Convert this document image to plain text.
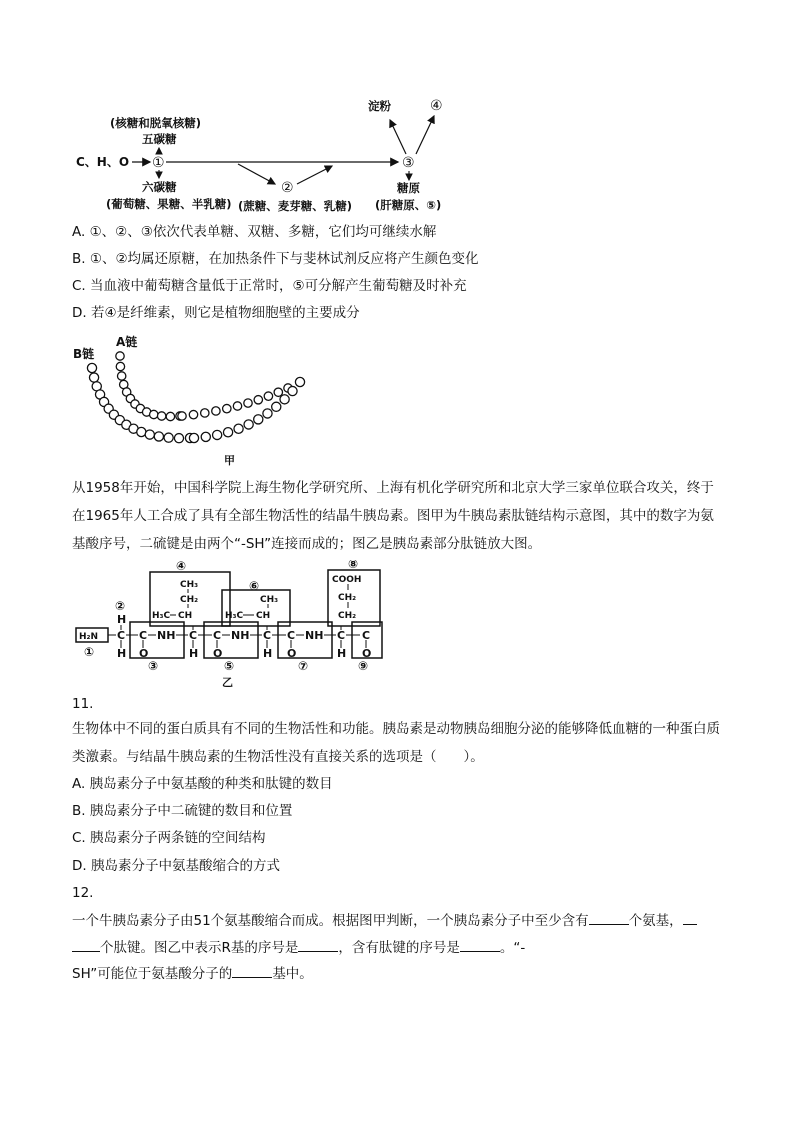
C、H、O ①	③
(核糖和脱氧核糖)
五碳糖
六碳糖
(葡萄糖、果糖、半乳糖)
②
(蔗糖、麦芽糖、乳糖)
淀粉	④
糖原
(肝糖原、⑤)
A. ①、②、③依次代表单糖、双糖、多糖，它们均可继续水解
B. ①、②均属还原糖，在加热条件下与斐林试剂反应将产生颜色变化
C. 当血液中葡萄糖含量低于正常时，⑤可分解产生葡萄糖及时补充
D. 若④是纤维素，则它是植物细胞壁的主要成分
B链
A链
甲
从1958年开始，中国科学院上海生物化学研究所、上海有机化学研究所和北京大学三家单位联合攻关，终于在1965年人工合成了具有全部生物活性的结晶牛胰岛素。图甲为牛胰岛素肽链结构示意图，其中的数字为氨基酸序号，二硫键是由两个“-SH”连接而成的；图乙是胰岛素部分肽链放大图。
H₂N C
H
H
C
O
NH C
H
C
O
NH C
H
C
O
NH C
H
C
O
CH₃
CH₂
H₃C CH
CH₃
H₃C CH
COOH
CH₂
CH₂
①
②
③
④
⑤
⑥
⑦
⑧
⑨
乙
11.
生物体中不同的蛋白质具有不同的生物活性和功能。胰岛素是动物胰岛细胞分泌的能够降低血糖的一种蛋白质类激素。与结晶牛胰岛素的生物活性没有直接关系的选项是（　　）。
A. 胰岛素分子中氨基酸的种类和肽键的数目
B. 胰岛素分子中二硫键的数目和位置
C. 胰岛素分子两条链的空间结构
D. 胰岛素分子中氨基酸缩合的方式
12.
一个牛胰岛素分子由51个氨基酸缩合而成。根据图甲判断，一个胰岛素分子中至少含有	个氨基，
个肽键。图乙中表示R基的序号是	，含有肽键的序号是	。“-
SH”可能位于氨基酸分子的	基中。
